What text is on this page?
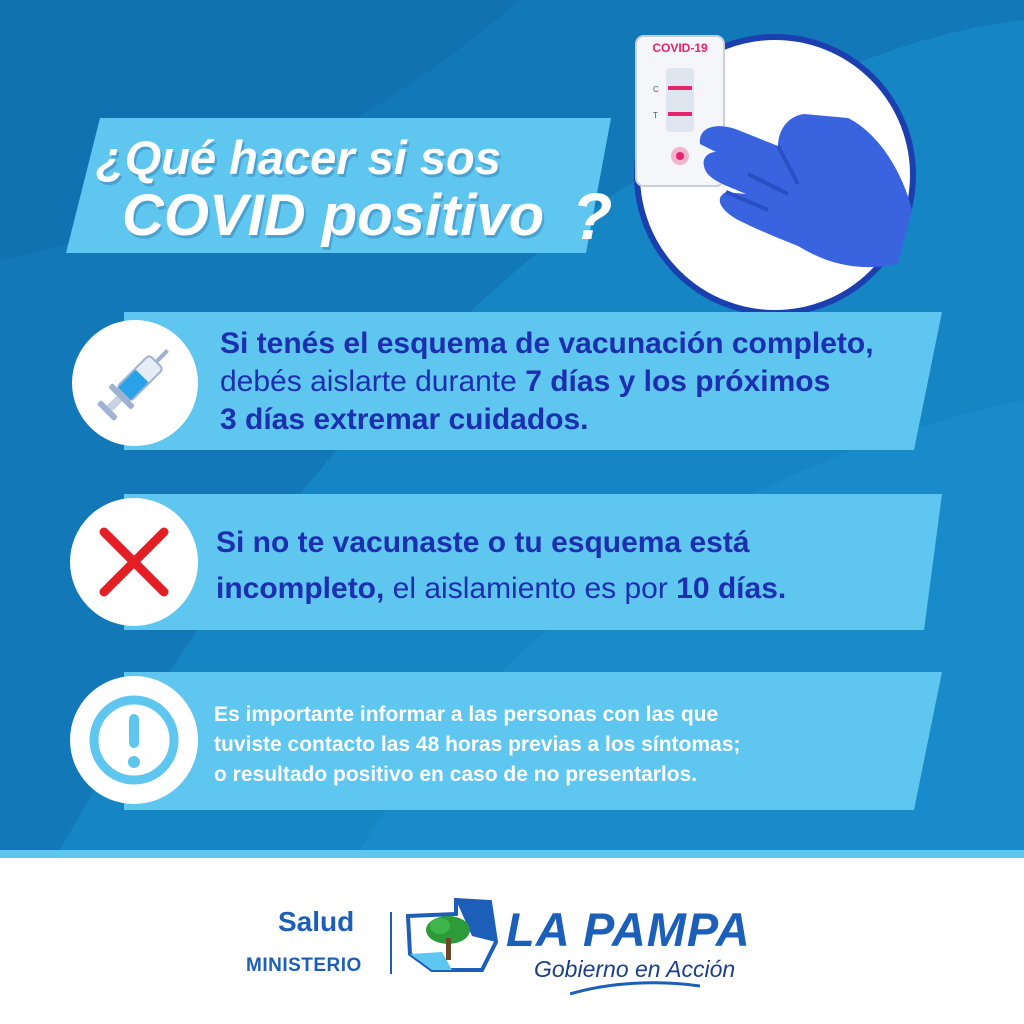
¿Qué hacer si sos
COVID positivo ?
COVID-19
C
T
Si tenés el esquema de vacunación completo,
debés aislarte durante 7 días y los próximos
3 días extremar cuidados.
Si no te vacunaste o tu esquema está
incompleto, el aislamiento es por 10 días.
Es importante informar a las personas con las que
tuviste contacto las 48 horas previas a los síntomas;
o resultado positivo en caso de no presentarlos.
Salud
MINISTERIO
LA PAMPA
Gobierno en Acción
